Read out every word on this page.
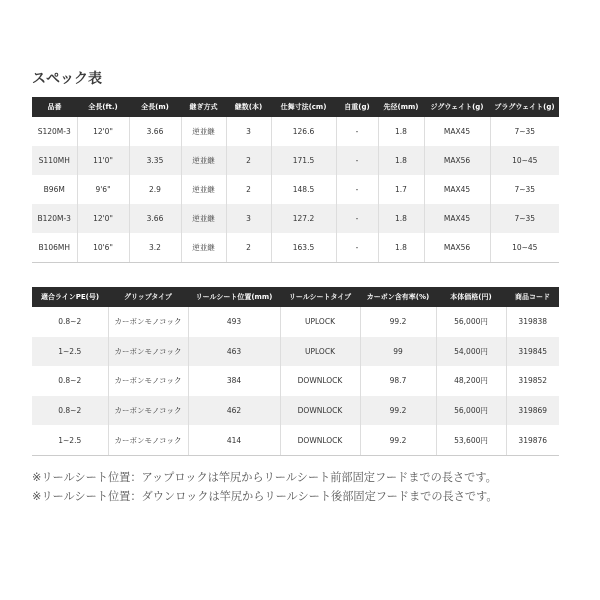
スペック表
品番	全長(ft.)	全長(m)	継ぎ方式	継数(本)	仕舞寸法(cm)	自重(g)	先径(mm)	ジグウェイト(g)	プラグウェイト(g)
S120M-3	12'0"	3.66	逆並継	3	126.6	-	1.8	MAX45	7~35
S110MH	11'0"	3.35	逆並継	2	171.5	-	1.8	MAX56	10~45
B96M	9'6"	2.9	逆並継	2	148.5	-	1.7	MAX45	7~35
B120M-3	12'0"	3.66	逆並継	3	127.2	-	1.8	MAX45	7~35
B106MH	10'6"	3.2	逆並継	2	163.5	-	1.8	MAX56	10~45
適合ラインPE(号)	グリップタイプ	リールシート位置(mm)	リールシートタイプ	カーボン含有率(%)	本体価格(円)	商品コード
0.8~2	カーボンモノコック	493	UPLOCK	99.2	56,000円	319838
1~2.5	カーボンモノコック	463	UPLOCK	99	54,000円	319845
0.8~2	カーボンモノコック	384	DOWNLOCK	98.7	48,200円	319852
0.8~2	カーボンモノコック	462	DOWNLOCK	99.2	56,000円	319869
1~2.5	カーボンモノコック	414	DOWNLOCK	99.2	53,600円	319876
※リールシート位置：アップロックは竿尻からリールシート前部固定フードまでの長さです。
※リールシート位置：ダウンロックは竿尻からリールシート後部固定フードまでの長さです。
